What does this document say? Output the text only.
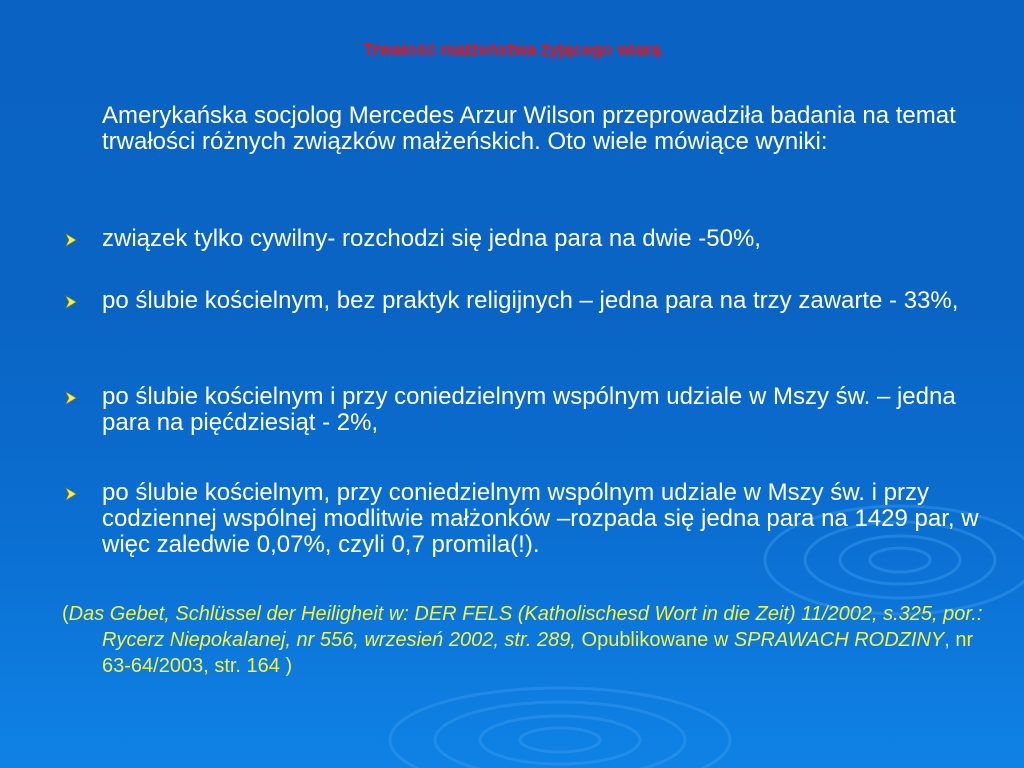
Trwałość małżeństwa żyjącego wiarą
Amerykańska socjolog Mercedes Arzur Wilson przeprowadziła badania na temat trwałości różnych związków małżeńskich. Oto wiele mówiące wyniki:
związek tylko cywilny- rozchodzi się jedna para na dwie -50%,
po ślubie kościelnym, bez praktyk religijnych – jedna para na trzy zawarte - 33%,
po ślubie kościelnym i przy coniedzielnym wspólnym udziale w Mszy św. – jedna para na pięćdziesiąt - 2%,
po ślubie kościelnym, przy coniedzielnym wspólnym udziale w Mszy św. i przy codziennej wspólnej modlitwie małżonków –rozpada się jedna para na 1429 par, w więc zaledwie 0,07%, czyli 0,7 promila(!).
(Das Gebet, Schlüssel der Heiligheit w: DER FELS (Katholischesd Wort in die Zeit) 11/2002, s.325, por.: Rycerz Niepokalanej, nr 556, wrzesień 2002, str. 289, Opublikowane w SPRAWACH RODZINY, nr 63-64/2003, str. 164 )
